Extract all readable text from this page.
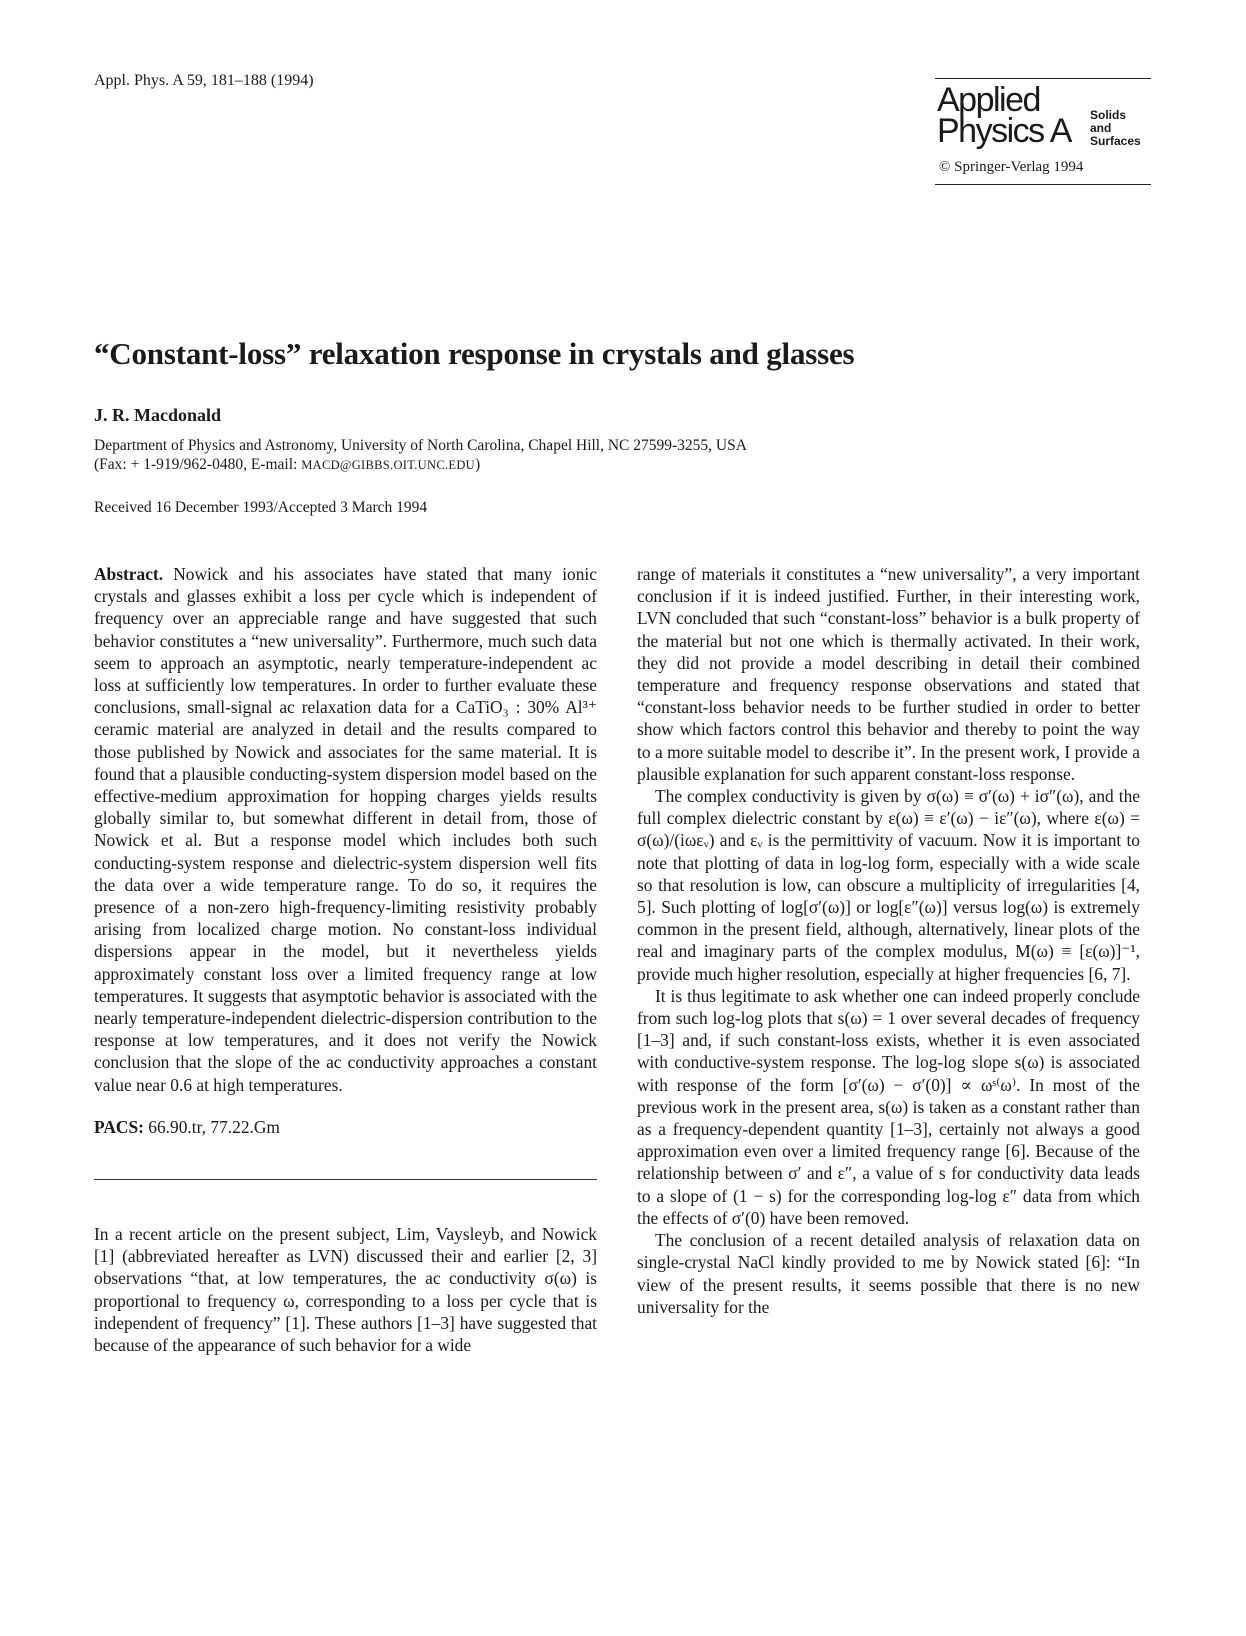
Appl. Phys. A 59, 181–188 (1994)
Applied
Physics A Solids
and
Surfaces
© Springer-Verlag 1994
“Constant-loss” relaxation response in crystals and glasses
J. R. Macdonald
Department of Physics and Astronomy, University of North Carolina, Chapel Hill, NC 27599-3255, USA
(Fax: + 1-919/962-0480, E-mail: MACD@GIBBS.OIT.UNC.EDU)
Received 16 December 1993/Accepted 3 March 1994

Abstract. Nowick and his associates have stated that many ionic crystals and glasses exhibit a loss per cycle which is independent of frequency over an appreciable range and have suggested that such behavior constitutes a “new universality”. Furthermore, much such data seem to approach an asymptotic, nearly temperature-independent ac loss at sufficiently low temperatures. In order to further evaluate these conclusions, small-signal ac relaxation data for a CaTiO₃ : 30% Al³⁺ ceramic material are analyzed in detail and the results compared to those published by Nowick and associates for the same material. It is found that a plausible conducting-system dispersion model based on the effective-medium approximation for hopping charges yields results globally similar to, but somewhat different in detail from, those of Nowick et al. But a response model which includes both such conducting-system response and dielectric-system dispersion well fits the data over a wide temperature range. To do so, it requires the presence of a non-zero high-frequency-limiting resistivity probably arising from localized charge motion. No constant-loss individual dispersions appear in the model, but it nevertheless yields approximately constant loss over a limited frequency range at low temperatures. It suggests that asymptotic behavior is associated with the nearly temperature-independent dielectric-dispersion contribution to the response at low temperatures, and it does not verify the Nowick conclusion that the slope of the ac conductivity approaches a constant value near 0.6 at high temperatures.

PACS: 66.90.tr, 77.22.Gm

In a recent article on the present subject, Lim, Vaysleyb, and Nowick [1] (abbreviated hereafter as LVN) discussed their and earlier [2, 3] observations “that, at low temperatures, the ac conductivity σ(ω) is proportional to frequency ω, corresponding to a loss per cycle that is independent of frequency” [1]. These authors [1–3] have suggested that because of the appearance of such behavior for a wide

range of materials it constitutes a “new universality”, a very important conclusion if it is indeed justified. Further, in their interesting work, LVN concluded that such “constant-loss” behavior is a bulk property of the material but not one which is thermally activated. In their work, they did not provide a model describing in detail their combined temperature and frequency response observations and stated that “constant-loss behavior needs to be further studied in order to better show which factors control this behavior and thereby to point the way to a more suitable model to describe it”. In the present work, I provide a plausible explanation for such apparent constant-loss response.

The complex conductivity is given by σ(ω) ≡ σ′(ω) + iσ″(ω), and the full complex dielectric constant by ε(ω) ≡ ε′(ω) − iε″(ω), where ε(ω) = σ(ω)/(iωεᵥ) and εᵥ is the permittivity of vacuum. Now it is important to note that plotting of data in log-log form, especially with a wide scale so that resolution is low, can obscure a multiplicity of irregularities [4, 5]. Such plotting of log[σ′(ω)] or log[ε″(ω)] versus log(ω) is extremely common in the present field, although, alternatively, linear plots of the real and imaginary parts of the complex modulus, M(ω) ≡ [ε(ω)]⁻¹, provide much higher resolution, especially at higher frequencies [6, 7].

It is thus legitimate to ask whether one can indeed properly conclude from such log-log plots that s(ω) = 1 over several decades of frequency [1–3] and, if such constant-loss exists, whether it is even associated with conductive-system response. The log-log slope s(ω) is associated with response of the form [σ′(ω) − σ′(0)] ∝ ωˢ⁽ω⁾. In most of the previous work in the present area, s(ω) is taken as a constant rather than as a frequency-dependent quantity [1–3], certainly not always a good approximation even over a limited frequency range [6]. Because of the relationship between σ′ and ε″, a value of s for conductivity data leads to a slope of (1 − s) for the corresponding log-log ε″ data from which the effects of σ′(0) have been removed.

The conclusion of a recent detailed analysis of relaxation data on single-crystal NaCl kindly provided to me by Nowick stated [6]: “In view of the present results, it seems possible that there is no new universality for the
